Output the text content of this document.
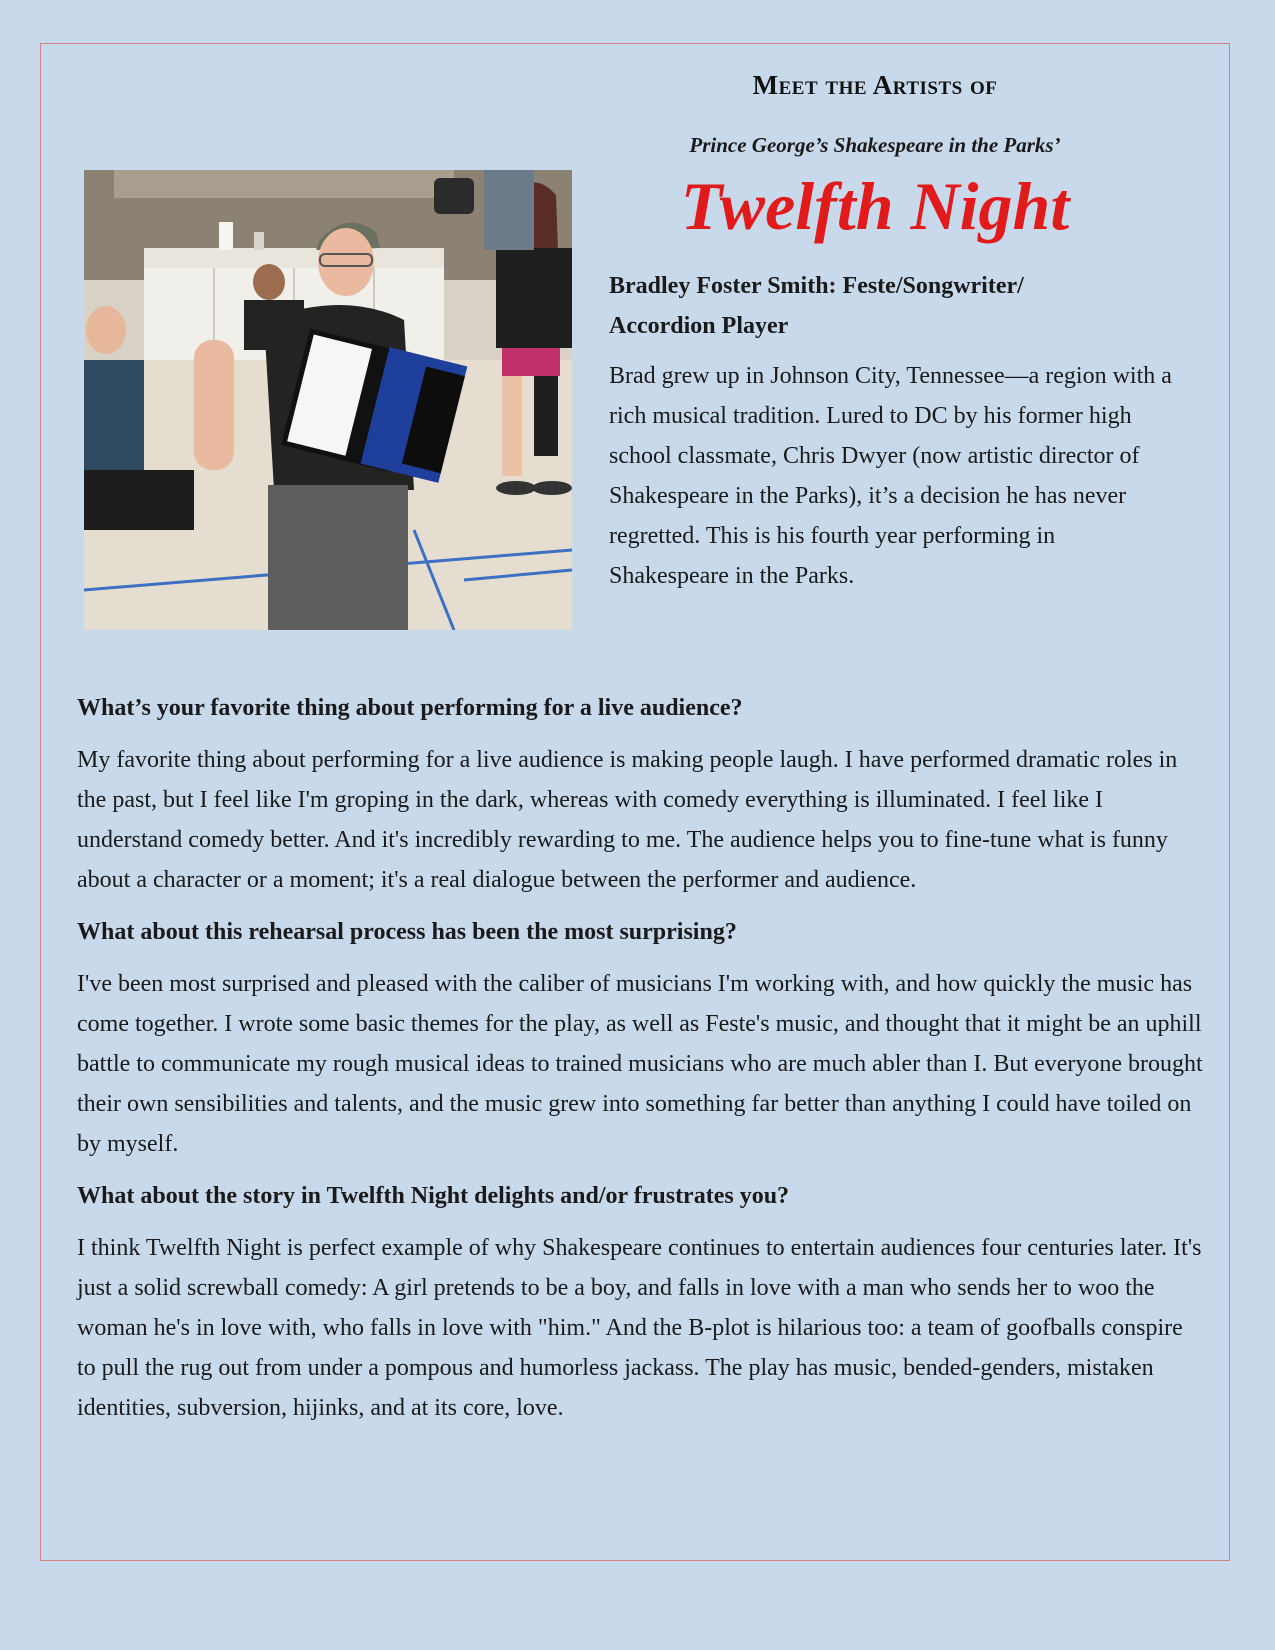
Meet the Artists of
Prince George’s Shakespeare in the Parks’
Twelfth Night

Bradley Foster Smith: Feste/Songwriter/
Accordion Player

Brad grew up in Johnson City, Tennessee—a region with a rich musical tradition. Lured to DC by his former high school classmate, Chris Dwyer (now artistic director of Shakespeare in the Parks), it’s a decision he has never regretted. This is his fourth year performing in Shakespeare in the Parks.

What’s your favorite thing about performing for a live audience?

My favorite thing about performing for a live audience is making people laugh. I have performed dramatic roles in the past, but I feel like I'm groping in the dark, whereas with comedy everything is illuminated. I feel like I understand comedy better. And it's incredibly rewarding to me. The audience helps you to fine-tune what is funny about a character or a moment; it's a real dialogue between the performer and audience.

What about this rehearsal process has been the most surprising?

I've been most surprised and pleased with the caliber of musicians I'm working with, and how quickly the music has come together. I wrote some basic themes for the play, as well as Feste's music, and thought that it might be an uphill battle to communicate my rough musical ideas to trained musicians who are much abler than I. But everyone brought their own sensibilities and talents, and the music grew into something far better than anything I could have toiled on by myself.

What about the story in Twelfth Night delights and/or frustrates you?

I think Twelfth Night is perfect example of why Shakespeare continues to entertain audiences four centuries later. It's just a solid screwball comedy: A girl pretends to be a boy, and falls in love with a man who sends her to woo the woman he's in love with, who falls in love with "him." And the B-plot is hilarious too: a team of goofballs conspire to pull the rug out from under a pompous and humorless jackass. The play has music, bended-genders, mistaken identities, subversion, hijinks, and at its core, love.
